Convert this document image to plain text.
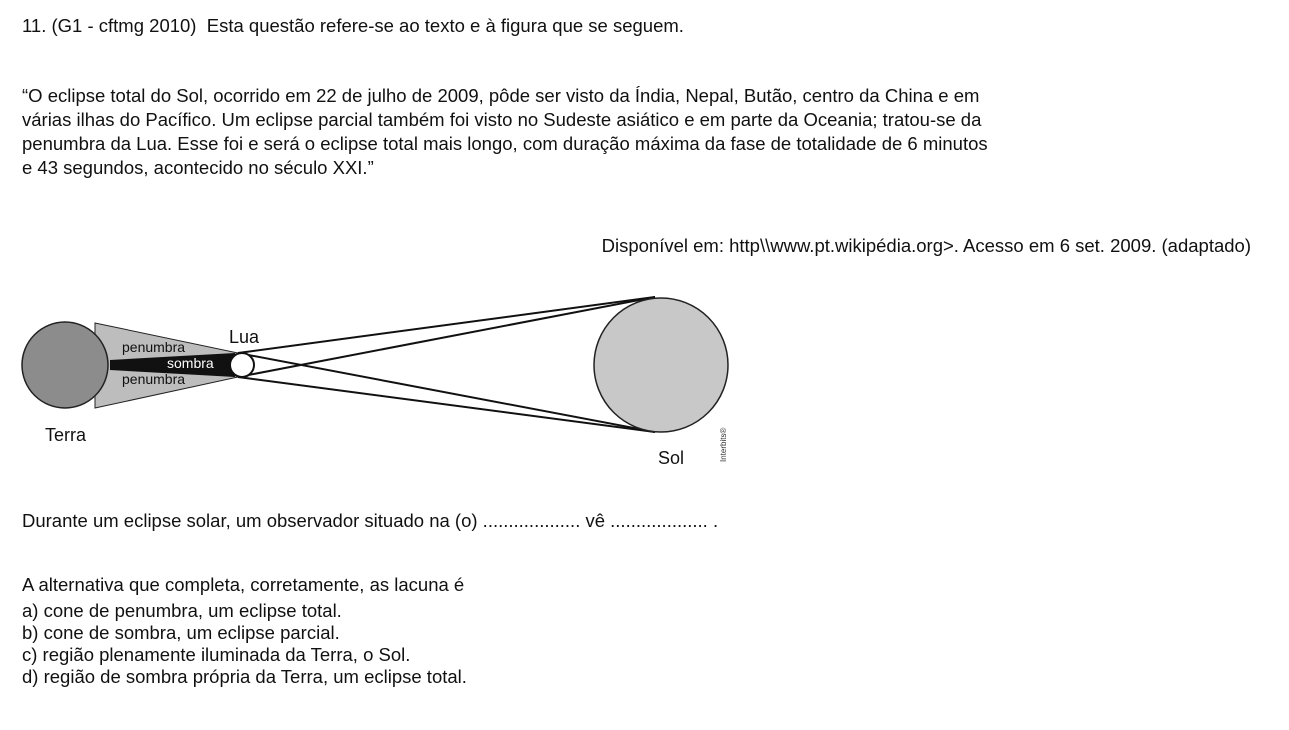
11. (G1 - cftmg 2010) Esta questão refere-se ao texto e à figura que se seguem.

“O eclipse total do Sol, ocorrido em 22 de julho de 2009, pôde ser visto da Índia, Nepal, Butão, centro da China e em
várias ilhas do Pacífico. Um eclipse parcial também foi visto no Sudeste asiático e em parte da Oceania; tratou-se da
penumbra da Lua. Esse foi e será o eclipse total mais longo, com duração máxima da fase de totalidade de 6 minutos
e 43 segundos, acontecido no século XXI.”
Disponível em: http\\www.pt.wikipédia.org>. Acesso em 6 set. 2009. (adaptado)
penumbra
sombra
penumbra
Lua
Terra
Sol	Interbits®

Durante um eclipse solar, um observador situado na (o) ................... vê ................... .

A alternativa que completa, corretamente, as lacuna é

a) cone de penumbra, um eclipse total.
b) cone de sombra, um eclipse parcial.
c) região plenamente iluminada da Terra, o Sol.
d) região de sombra própria da Terra, um eclipse total.
